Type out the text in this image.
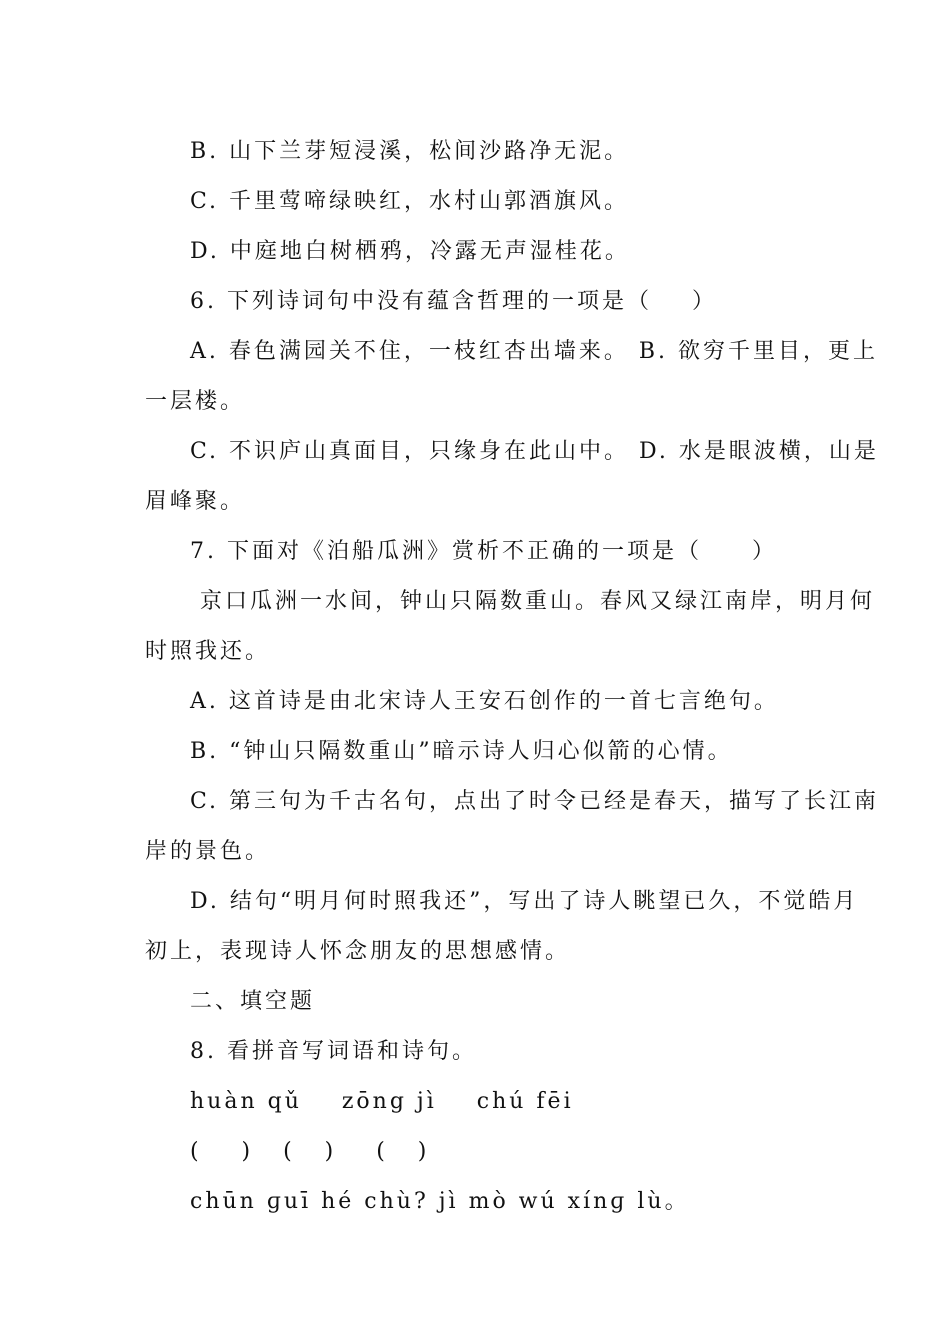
B. 山下兰芽短浸溪，松间沙路净无泥。
C. 千里莺啼绿映红，水村山郭酒旗风。
D. 中庭地白树栖鸦，冷露无声湿桂花。
6. 下列诗词句中没有蕴含哲理的一项是（    ）
A. 春色满园关不住，一枝红杏出墙来。 B. 欲穷千里目，更上
一层楼。
C. 不识庐山真面目，只缘身在此山中。 D. 水是眼波横，山是
眉峰聚。
7. 下面对《泊船瓜洲》赏析不正确的一项是（     ）
京口瓜洲一水间，钟山只隔数重山。春风又绿江南岸，明月何
时照我还。
A. 这首诗是由北宋诗人王安石创作的一首七言绝句。
B. “钟山只隔数重山”暗示诗人归心似箭的心情。
C. 第三句为千古名句，点出了时令已经是春天，描写了长江南
岸的景色。
D. 结句“明月何时照我还”，写出了诗人眺望已久，不觉皓月
初上，表现诗人怀念朋友的思想感情。
二、填空题
8. 看拼音写词语和诗句。
huàn qǔ    zōng jì    chú fēi
(    )   (   )    (   )
chūn ɡuī hé chù? jì mò wú xínɡ lù。
